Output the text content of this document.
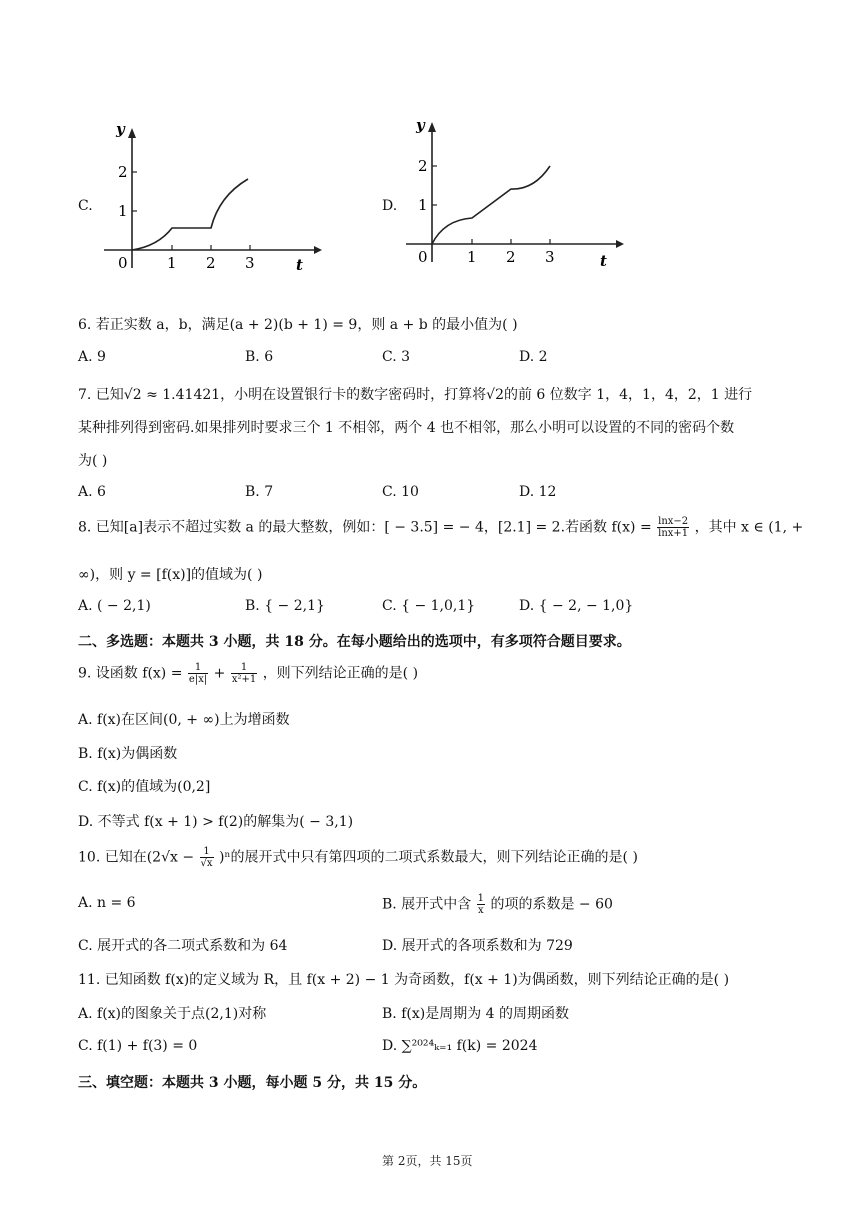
C.
y
t
0	1 2 3
1
2
D.
y
t
0	1 2 3
1
2
6. 若正实数 a，b，满足(a + 2)(b + 1) = 9，则 a + b 的最小值为( )
A. 9	B. 6	C. 3	D. 2
7. 已知√2 ≈ 1.41421，小明在设置银行卡的数字密码时，打算将√2的前 6 位数字 1，4，1，4，2，1 进行
某种排列得到密码.如果排列时要求三个 1 不相邻，两个 4 也不相邻，那么小明可以设置的不同的密码个数
为( )
A. 6	B. 7	C. 10	D. 12
8. 已知[a]表示不超过实数 a 的最大整数，例如：[ − 3.5] = − 4，[2.1] = 2.若函数 $f(x) = \frac{\ln x-2}{\ln x+1}$ ，其中 x ∈ (1, +
∞)，则 y = [f(x)]的值域为( )
A. ( − 2,1)	B. { − 2,1}	C. { − 1,0,1}	D. { − 2, − 1,0}
二、多选题：本题共 3 小题，共 18 分。在每小题给出的选项中，有多项符合题目要求。
9. 设函数 $f(x) = \frac{1}{e|x|} + \frac{1}{\text{x²+1}}$ ，则下列结论正确的是( )
A. f(x)在区间(0, + ∞)上为增函数
B. f(x)为偶函数
C. f(x)的值域为(0,2]
D. 不等式 f(x + 1) > f(2)的解集为( − 3,1)
10. 已知在$(2√x - \frac{1}{√x} )^n$的展开式中只有第四项的二项式系数最大，则下列结论正确的是( )
A. n = 6	B. 展开式中含 $\frac{1}{x}$ 的项的系数是 − 60
C. 展开式的各二项式系数和为 64	D. 展开式的各项系数和为 729
11. 已知函数 f(x)的定义域为 R，且 f(x + 2) − 1 为奇函数，f(x + 1)为偶函数，则下列结论正确的是( )
A. f(x)的图象关于点(2,1)对称	B. f(x)是周期为 4 的周期函数
C. f(1) + f(3) = 0	D. ∑²⁰²⁴ₖ₌₁ f(k) = 2024
三、填空题：本题共 3 小题，每小题 5 分，共 15 分。
第 2页，共 15页
